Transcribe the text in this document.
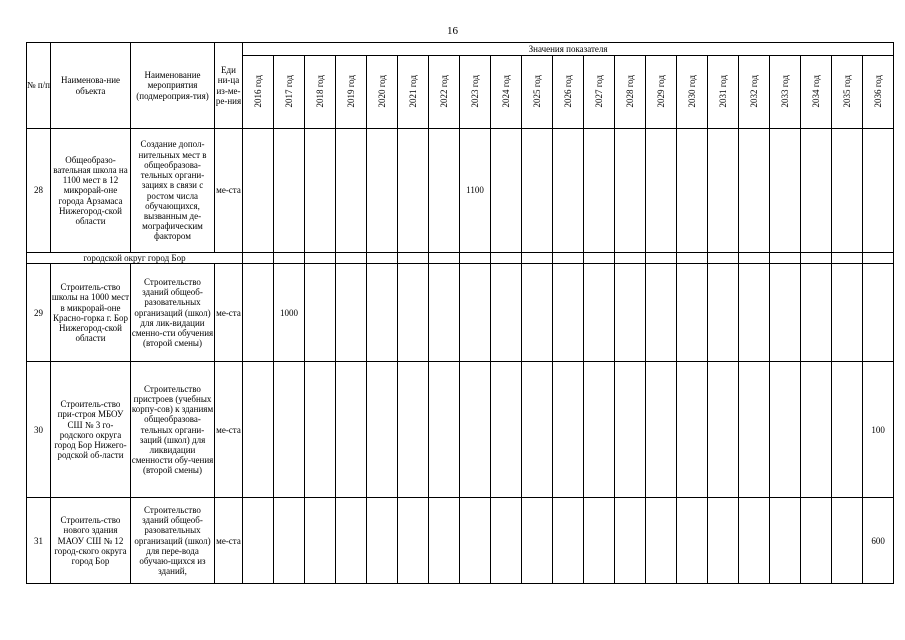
16
№ п/п	Наименова-ние объекта	Наименование мероприятия (подмероприя-тия)	Еди ни-ца из-ме-ре-ния	Значения показателя																				
				2016 год	2017 год	2018 год	2019 год	2020 год	2021 год	2022 год	2023 год	2024 год	2025 год	2026 год	2027 год	2028 год	2029 год	2030 год	2031 год	2032 год	2033 год	2034 год	2035 год	2036 год
28	Общеобразо-вательная школа на 1100 мест в 12 микрорай-оне города Арзамаса Нижегород-ской области	Создание допол-нительных мест в общеобразова-тельных органи-зациях в связи с ростом числа обучающихся, вызванным де-мографическим фактором	ме-ста								1100													
городской округ город Бор																								
29	Строитель-ство школы на 1000 мест в микрорай-оне Красно-горка г. Бор Нижегород-ской области	Строительство зданий общеоб-разовательных организаций (школ) для лик-видации сменно-сти обучения (второй смены)	ме-ста		1000																			
30	Строитель-ство при-строя МБОУ СШ № 3 го-родского округа город Бор Нижего-родской об-ласти	Строительство пристроев (учебных корпу-сов) к зданиям общеобразова-тельных органи-заций (школ) для ликвидации сменности обу-чения (второй смены)	ме-ста																					100
31	Строитель-ство нового здания МАОУ СШ № 12 город-ского округа город Бор	Строительство зданий общеоб-разовательных организаций (школ) для пере-вода обучаю-щихся из зданий,	ме-ста																					600
